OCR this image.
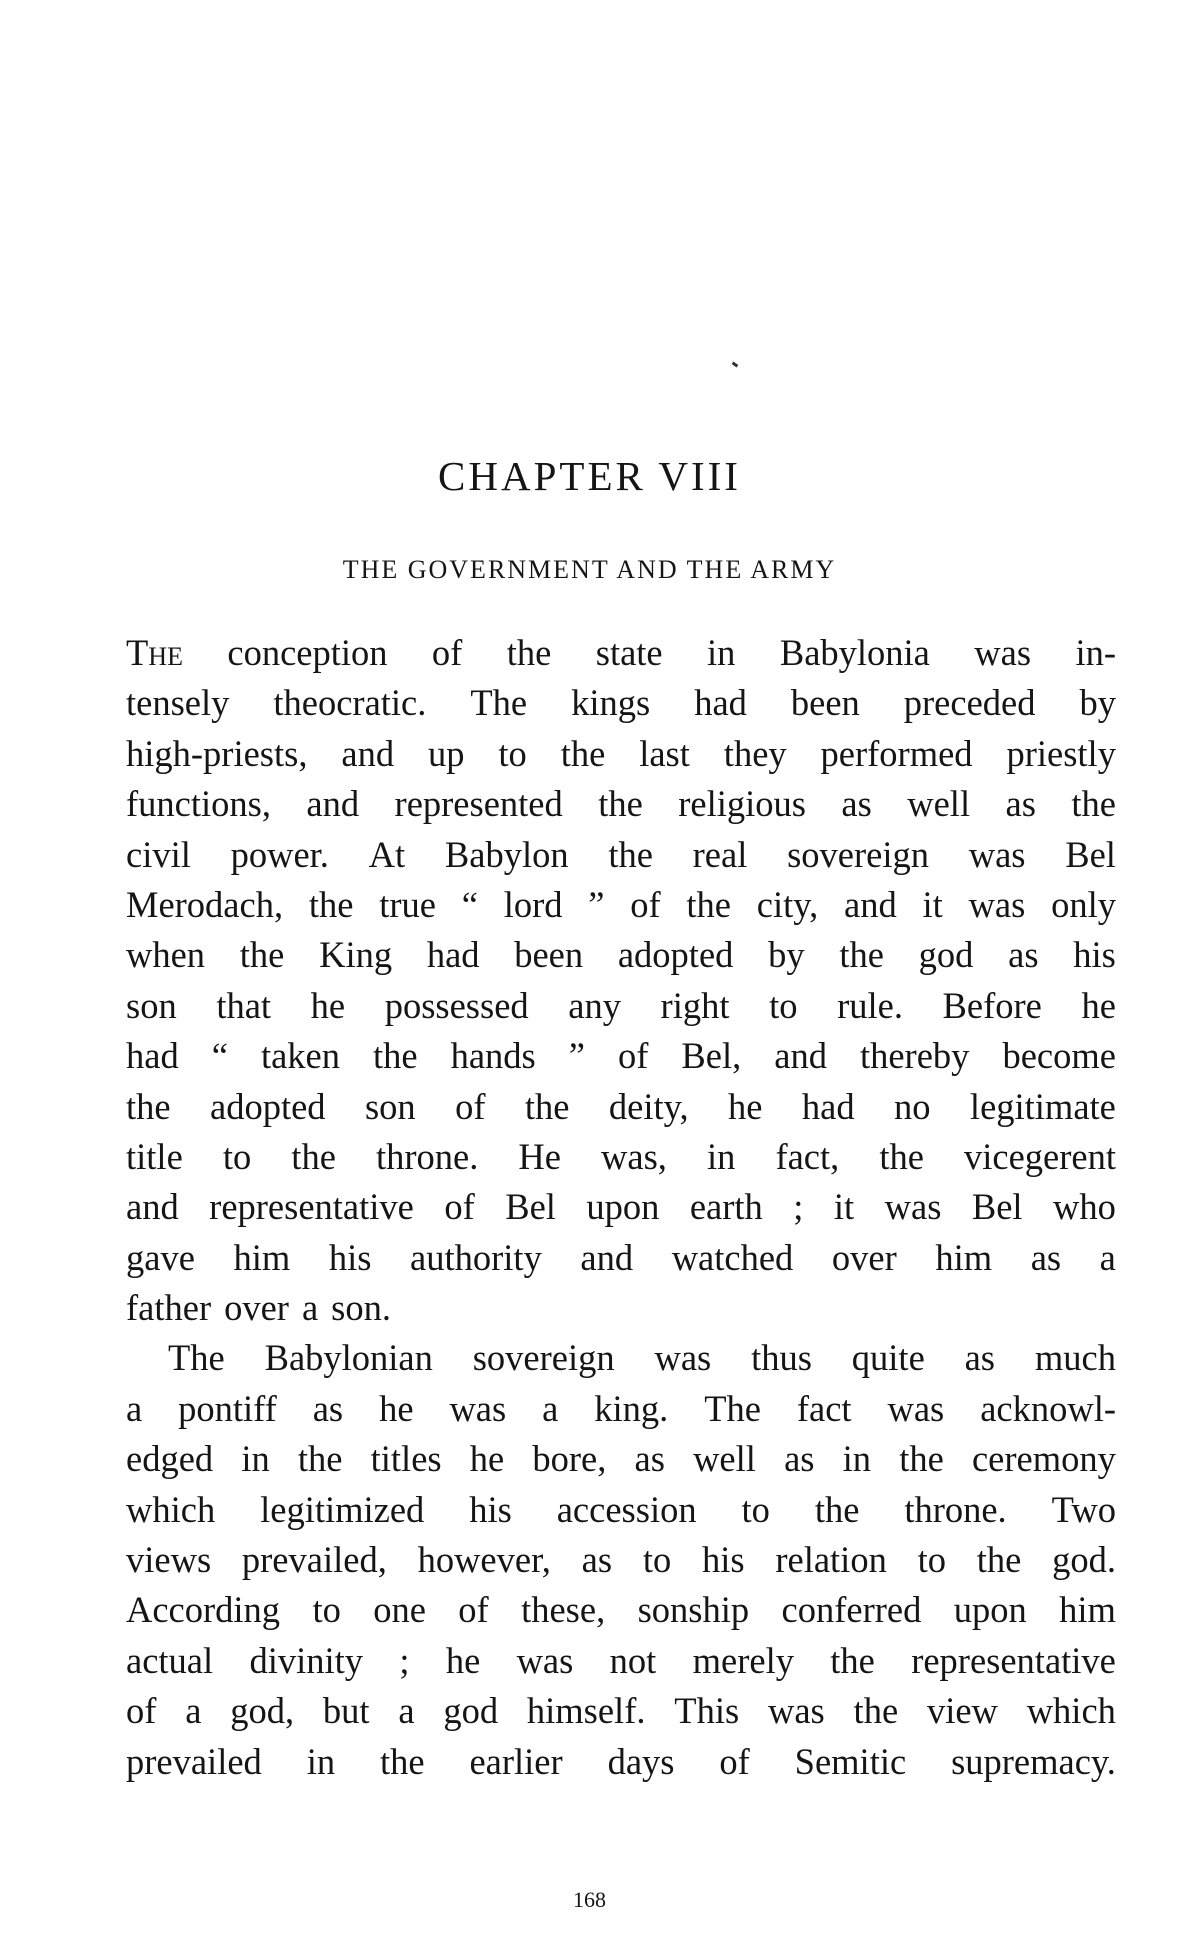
CHAPTER VIII
THE GOVERNMENT AND THE ARMY
The conception of the state in Babylonia was in-
tensely theocratic. The kings had been preceded by
high-priests, and up to the last they performed priestly
functions, and represented the religious as well as the
civil power. At Babylon the real sovereign was Bel
Merodach, the true “ lord ” of the city, and it was only
when the King had been adopted by the god as his
son that he possessed any right to rule. Before he
had “ taken the hands ” of Bel, and thereby become
the adopted son of the deity, he had no legitimate
title to the throne. He was, in fact, the vicegerent
and representative of Bel upon earth ; it was Bel who
gave him his authority and watched over him as a
father over a son.
The Babylonian sovereign was thus quite as much
a pontiff as he was a king. The fact was acknowl-
edged in the titles he bore, as well as in the ceremony
which legitimized his accession to the throne. Two
views prevailed, however, as to his relation to the god.
According to one of these, sonship conferred upon him
actual divinity ; he was not merely the representative
of a god, but a god himself. This was the view which
prevailed in the earlier days of Semitic supremacy.
168
